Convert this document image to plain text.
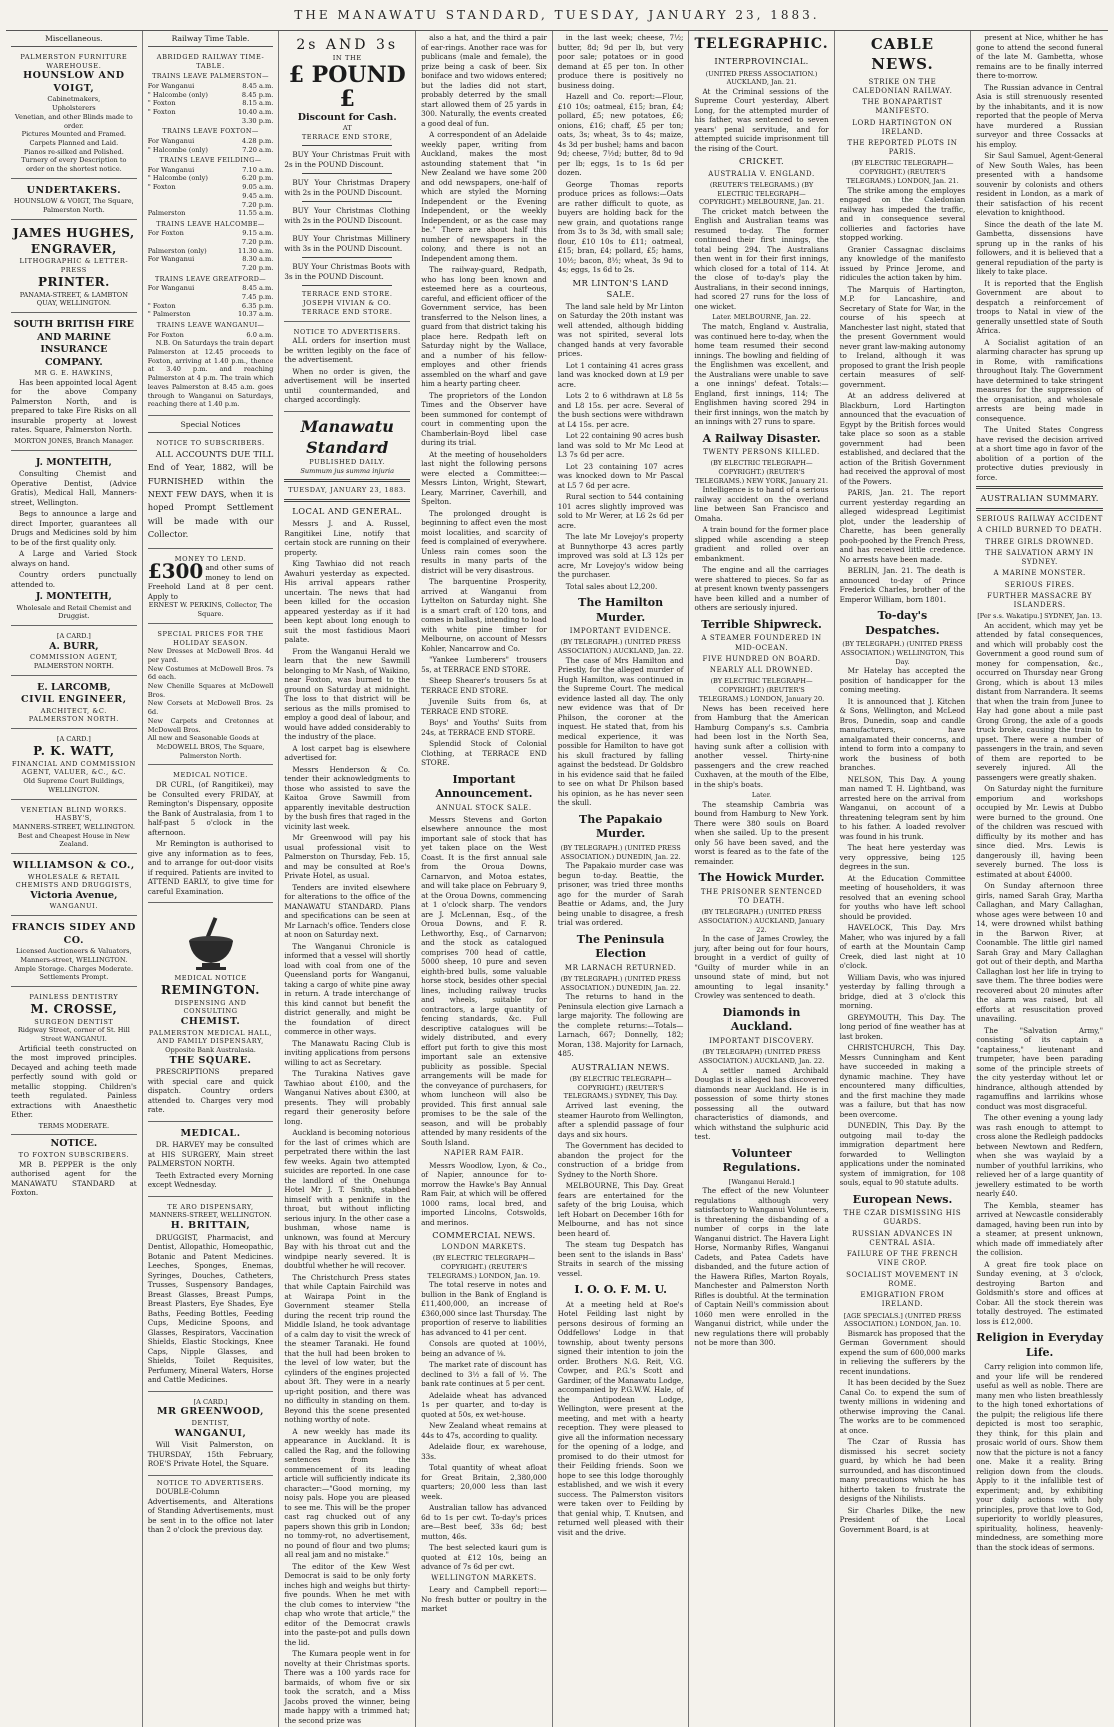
THE MANAWATU STANDARD, TUESDAY, JANUARY 23, 1883.
Miscellaneous.
PALMERSTON FURNITURE WAREHOUSE.
HOUNSLOW AND VOIGT,
Cabinetmakers,
Upholsterers
Venetian, and other Blinds made to order.
Pictures Mounted and Framed.
Carpets Planned and Laid.
Pianos re-silked and Polished.
Turnery of every Description to order on the shortest notice.
UNDERTAKERS.
HOUNSLOW & VOIGT, The Square, Palmerston North.
JAMES HUGHES,
ENGRAVER,
LITHOGRAPHIC & LETTER-PRESS
PRINTER.
PANAMA-STREET, & LAMBTON QUAY, WELLINGTON.
SOUTH BRITISH FIRE AND MARINE INSURANCE COMPANY.
MR G. E. HAWKINS,

Has been appointed local Agent for the above Company Palmerston North, and is prepared to take Fire Risks on all insurable property at lowest rates. Square, Palmerston North.

MORTON JONES, Branch Manager.
J. MONTEITH,

Consulting Chemist and Operative Dentist, (Advice Gratis), Medical Hall, Manners-street, Wellington.

Begs to announce a large and direct Importer, guarantees all Drugs and Medicines sold by him to be of the first quality only.

A Large and Varied Stock always on hand.

Country orders punctually attended to.

J. MONTEITH,
Wholesale and Retail Chemist and Druggist.
[A CARD.]
A. BURR,
COMMISSION AGENT,
PALMERSTON NORTH.
E. LARCOMB,
CIVIL ENGINEER,
ARCHITECT, &C.
PALMERSTON NORTH.
[A CARD.]
P. K. WATT,
FINANCIAL AND COMMISSION AGENT, VALUER, &C., &C.
Old Supreme Court Buildings, WELLINGTON.
VENETIAN BLIND WORKS.
HASBY'S,
MANNERS-STREET, WELLINGTON.
Best and Cheapest House in New Zealand.
WILLIAMSON & CO.,
WHOLESALE & RETAIL
CHEMISTS AND DRUGGISTS,
Victoria Avenue,
WANGANUI.
FRANCIS SIDEY AND CO.
Licensed Auctioneers & Valuators, Manners-street, WELLINGTON.
Ample Storage. Charges Moderate.
Settlements Prompt.
PAINLESS DENTISTRY
M. CROSSE,
SURGEON DENTIST
Ridgway Street, corner of St. Hill Street WANGANUI.

Artificial teeth constructed on the most improved principles. Decayed and aching teeth made perfectly sound with gold or metallic stopping. Children's teeth regulated. Painless extractions with Anaesthetic Ether.

TERMS MODERATE.
NOTICE.
TO FOXTON SUBSCRIBERS.

MR B. PEPPER is the only authorised agent for the MANAWATU STANDARD at Foxton.

Railway Time Table.
ABRIDGED RAILWAY TIME-TABLE.
TRAINS LEAVE PALMERSTON—
For Wanganui	8.45 a.m.
" Halcombe (only)	8.45 p.m.
" Foxton	8.15 a.m.
" Foxton	10.40 a.m.
3.30 p.m.
TRAINS LEAVE FOXTON—
For Wanganui	4.28 p.m.
" Halcombe (only)	7.20 a.m.
TRAINS LEAVE FEILDING—
For Wanganui	7.10 a.m.
" Halcombe (only)	6.20 p.m.
" Foxton	9.05 a.m.
9.45 a.m.
7.20 p.m.
Palmerston	11.55 a.m.
TRAINS LEAVE HALCOMBE—
For Foxton	9.15 a.m.
7.20 p.m.
Palmerston (only)	11.30 a.m.
For Wanganui	8.30 a.m.
7.20 p.m.
TRAINS LEAVE GREATFORD—
For Wanganui	8.45 a.m.
7.45 p.m.
" Foxton	6.35 p.m.
" Palmerston	10.37 a.m.
TRAINS LEAVE WANGANUI—
For Foxton	6.0 a.m.

N.B. On Saturdays the train depart Palmerston at 12.45 proceeds to Foxton, arriving at 1.40 p.m., thence at 3.40 p.m. and reaching Palmerston at 4 p.m. The train which leaves Palmerston at 8.45 a.m. goes through to Wanganui on Saturdays, reaching there at 1.40 p.m.

Special Notices
NOTICE TO SUBSCRIBERS.

ALL ACCOUNTS DUE TILL End of Year, 1882, will be FURNISHED within the NEXT FEW DAYS, when it is hoped Prompt Settlement will be made with our Collector.

MONEY TO LEND.
£300 and other sums of money to lend on Freehold Land at 8 per cent. Apply to
ERNEST W. PERKINS, Collector, The Square.
SPECIAL PRICES FOR THE HOLIDAY SEASON.
New Dresses at McDowell Bros. 4d per yard.
New Costumes at McDowell Bros. 7s 6d each.
New Chenille Squares at McDowell Bros.
New Corsets at McDowell Bros. 2s 6d.
New Carpets and Cretonnes at McDowell Bros.
All new and Seasonable Goods at
McDOWELL BROS, The Square, Palmerston North.
MEDICAL NOTICE.

DR CURL, (of Rangitikei), may be Consulted every FRIDAY, at Remington's Dispensary, opposite the Bank of Australasia, from 1 to half-past 5 o'clock in the afternoon.

Mr Remington is authorised to give any information as to fees, and to arrange for out-door visits if required. Patients are invited to ATTEND EARLY, to give time for careful Examination.

MEDICAL NOTICE
REMINGTON.
DISPENSING AND CONSULTING
CHEMIST.
PALMERSTON MEDICAL HALL, AND FAMILY DISPENSARY,
Opposite Bank Australasia.
THE SQUARE.

PRESCRIPTIONS prepared with special care and quick dispatch. Country orders attended to. Charges very mod rate.

MEDICAL.

DR. HARVEY may be consulted at HIS SURGERY, Main street PALMERSTON NORTH.

Teeth Extracted every Morning except Wednesday.

TE ARO DISPENSARY,
MANNERS-STREET, WELLINGTON.
H. BRITTAIN,

DRUGGIST, Pharmacist, and Dentist, Allopathic, Homeopathic, Botanic and Patent Medicines. Leeches, Sponges, Enemas, Syringes, Douches, Catheters, Trusses, Suspensory Bandages, Breast Glasses, Breast Pumps, Breast Plasters, Eye Shades, Eye Baths, Feeding Bottles, Feeding Cups, Medicine Spoons, and Glasses, Respirators, Vaccination Shields, Elastic Stockings, Knee Caps, Nipple Glasses, and Shields, Toilet Requisites, Perfumery, Mineral Waters, Horse and Cattle Medicines.

[A CARD.]
MR GREENWOOD,
DENTIST,
WANGANUI,

Will Visit Palmerston, on THURSDAY, 15th February, ROE'S Private Hotel, the Square.

NOTICE TO ADVERTISERS.

DOUBLE-Column Advertisements, and Alterations of Standing Advertisements, must be sent in to the office not later than 2 o'clock the previous day.

2s AND 3s
IN THE
£ POUND £
Discount for Cash.
AT
TERRACE END STORE,

BUY Your Christmas Fruit with 2s in the POUND Discount.

BUY Your Christmas Drapery with 2s in the POUND Discount.

BUY Your Christmas Clothing with 2s in the POUND Discount.

BUY Your Christmas Millinery with 3s in the POUND Discount.

BUY Your Christmas Boots with 3s in the POUND Discount.

TERRACE END STORE.
JOSEPH VIVIAN & CO.
TERRACE END STORE.
NOTICE TO ADVERTISERS.

ALL orders for insertion must be written legibly on the face of the advertisement.

When no order is given, the advertisement will be inserted until countermanded, and charged accordingly.

Manawatu Standard
PUBLISHED DAILY.
Summum jus summa injuria
TUESDAY, JANUARY 23, 1883.
LOCAL AND GENERAL.

Messrs J. and A. Russel, Rangitikei Line, notify that certain stock are running on their property.

King Tawhiao did not reach Awahuri yesterday as expected. His arrival appears rather uncertain. The news that had been killed for the occasion appeared yesterday as if it had been kept about long enough to suit the most fastidious Maori palate.

From the Wanganui Herald we learn that the new Sawmill belonging to Mr Nash, of Waikino, near Foxton, was burned to the ground on Saturday at midnight. The loss to that district will be serious as the mills promised to employ a good deal of labour, and would have added considerably to the industry of the place.

A lost carpet bag is elsewhere advertised for.

Messrs Henderson & Co. tender their acknowledgments to those who assisted to save the Kaitoa Grove Sawmill from apparently inevitable destruction by the bush fires that raged in the vicinity last week.

Mr Greenwood will pay his usual professional visit to Palmerston on Thursday, Feb. 15, and may be consulted at Roe's Private Hotel, as usual.

Tenders are invited elsewhere for alterations to the office of the MANAWATU STANDARD. Plans and specifications can be seen at Mr Larnach's office. Tenders close at noon on Saturday next.

The Wanganui Chronicle is informed that a vessel will shortly load with coal from one of the Queensland ports for Wanganui, taking a cargo of white pine away in return. A trade interchange of this kind cannot but benefit the district generally, and might be the foundation of direct commerce in other ways.

The Manawatu Racing Club is inviting applications from persons willing to act as Secretary.

The Turakina Natives gave Tawhiao about £100, and the Wanganui Natives about £300, at presents. They will probably regard their generosity before long.

Auckland is becoming notorious for the last of crimes which are perpetrated there within the last few weeks. Again two attempted suicides are reported. In one case the landlord of the Onehunga Hotel Mr J. T. Smith, stabbed himself with a penknife in the throat, but without inflicting serious injury. In the other case a bushman, whose name is unknown, was found at Mercury Bay with his throat cut and the windpipe nearly severed. It is doubtful whether he will recover.

The Christchurch Press states that while Captain Fairchild was at Wairapa Point in the Government steamer Stella during the recent trip round the Middle Island, he took advantage of a calm day to visit the wreck of the steamer Taranaki. He found that the hull had been broken to the level of low water, but the cylinders of the engines projected about 3ft. They were in a nearly up-right position, and there was no difficulty in standing on them. Beyond this the scene presented nothing worthy of note.

A new weekly has made its appearance in Auckland. It is called the Rag, and the following sentences from the commencement of its leading article will sufficiently indicate its character:—"Good morning, my noisy pals. Hope you are pleased to see me. This will be the proper cast rag chucked out of any papers shown this grib in London; no tommy-rot, no advertisement, no pound of flour and two plums; all real jam and no mistake."

The editor of the Kew West Democrat is said to be only forty inches high and weighs but thirty-five pounds. When he met with the club comes to interview "the chap who wrote that article," the editor of the Democrat crawls into the paste-pot and pulls down the lid.

The Kumara people went in for novelty at their Christmas sports. There was a 100 yards race for barmaids, of whom five or six took the scratch, and a Miss Jacobs proved the winner, being made happy with a trimmed hat; the second prize was

also a hat, and the third a pair of ear-rings. Another race was for publicans (male and female), the prize being a cask of beer. Six boniface and two widows entered; but the ladies did not start, probably deterred by the small start allowed them of 25 yards in 300. Naturally, the events created a good deal of fun.

A correspondent of an Adelaide weekly paper, writing from Auckland, makes the most astounding statement that "in New Zealand we have some 200 and odd newspapers, one-half of which are styled the Morning Independent or the Evening Independent, or the weekly Independent, or as the case may be." There are about half this number of newspapers in the colony, and there is not an Independent among them.

The railway-guard, Redpath, who has long been known and esteemed here as a courteous, careful, and efficient officer of the Government service, has been transferred to the Nelson lines, a guard from that district taking his place here. Redpath left on Saturday night by the Wallace, and a number of his fellow-employes and other friends assembled on the wharf and gave him a hearty parting cheer.

The proprietors of the London Times and the Observer have been summoned for contempt of court in commenting upon the Chamberlain-Boyd libel case during its trial.

At the meeting of householders last night the following persons were elected a Committee:—Messrs Linton, Wright, Stewart, Leary, Marriner, Caverhill, and Spelton.

The prolonged drought is beginning to affect even the most moist localities, and scarcity of feed is complained of everywhere. Unless rain comes soon the results in many parts of the district will be very disastrous.

The barquentine Prosperity, arrived at Wanganui from Lyttelton on Saturday night. She is a smart craft of 120 tons, and comes in ballast, intending to load with white pine timber for Melbourne, on account of Messrs Kohler, Nancarrow and Co.

"Yankee Lumberers" trousers 5s, at TERRACE END STORE.

Sheep Shearer's trousers 5s at TERRACE END STORE.

Juvenile Suits from 6s, at TERRACE END STORE.

Boys' and Youths' Suits from 24s, at TERRACE END STORE.

Splendid Stock of Colonial Clothing, at TERRACE END STORE.

Important Announcement.
ANNUAL STOCK SALE.

Messrs Stevens and Gorton elsewhere announce the most important sale of stock that has yet taken place on the West Coast. It is the first annual sale from the Oroua Downs, Carnarvon, and Motoa estates, and will take place on February 9, at the Oroua Downs, commencing at 1 o'clock sharp. The vendors are J. McLennan, Esq., of the Oroua Downs, and F. R. Lethworthy, Esq., of Carnarvon; and the stock as catalogued comprises 700 head of cattle, 5000 sheep, 10 pure and seven eighth-bred bulls, some valuable horse stock, besides other special lines, including railway trucks and wheels, suitable for contractors, a large quantity of fencing standards, &c. Full descriptive catalogues will be widely distributed, and every effort put forth to give this most important sale an extensive publicity as possible. Special arrangements will be made for the conveyance of purchasers, for whom luncheon will also be provided. This first annual sale promises to be the sale of the season, and will be probably attended by many residents of the South Island.

NAPIER RAM FAIR.

Messrs Woodlow, Lyon, & Co., of Napier, announce for to-morrow the Hawke's Bay Annual Ram Fair, at which will be offered 1000 rams, local bred, and imported Lincolns, Cotswolds, and merinos.

COMMERCIAL NEWS.
LONDON MARKETS.
(BY ELECTRIC TELEGRAPH—COPYRIGHT.) (REUTER'S TELEGRAMS.) LONDON, Jan. 19.

The total reserve in notes and bullion in the Bank of England is £11,400,000, an increase of £360,000 since last Thursday. The proportion of reserve to liabilities has advanced to 41 per cent.

Consols are quoted at 100½, being an advance of ⅛.

The market rate of discount has declined to 3½ a fall of ½. The bank rate continues at 5 per cent.

Adelaide wheat has advanced 1s per quarter, and to-day is quoted at 50s, ex wet-house.

New Zealand wheat remains at 44s to 47s, according to quality.

Adelaide flour, ex warehouse, 33s.

Total quantity of wheat afloat for Great Britain, 2,380,000 quarters; 20,000 less than last week.

Australian tallow has advanced 6d to 1s per cwt. To-day's prices are—Best beef, 33s 6d; best mutton, 46s.

The best selected kauri gum is quoted at £12 10s, being an advance of 7s 6d per cwt.

WELLINGTON MARKETS.

Leary and Campbell report:—No fresh butter or poultry in the market

in the last week; cheese, 7½; butter, 8d; 9d per lb, but very poor sale; potatoes or in good demand at £5 per ton. In other produce there is positively no business doing.

Hazell and Co. report:—Flour, £10 10s; oatmeal, £15; bran, £4; pollard, £5; new potatoes, £6; onions, £16; chaff, £5 per ton; oats, 3s; wheat, 3s to 4s; maize, 4s 3d per bushel; hams and bacon 9d; cheese, 7½d; butter, 8d to 9d per lb; eggs, 1s to 1s 6d per dozen.

George Thomas reports produce prices as follows:—Oats are rather difficult to quote, as buyers are holding back for the new grain, and quotations range from 3s to 3s 3d, with small sale; flour, £10 10s to £11; oatmeal, £15; bran, £4; pollard, £5; hams, 10½; bacon, 8½; wheat, 3s 9d to 4s; eggs, 1s 6d to 2s.

MR LINTON'S LAND SALE.

The land sale held by Mr Linton on Saturday the 20th instant was well attended, although bidding was not spirited, several lots changed hands at very favorable prices.

Lot 1 containing 41 acres grass land was knocked down at L9 per acre.

Lots 2 to 6 withdrawn at L8 5s and L8 15s. per acre. Several of the bush sections were withdrawn at L4 15s. per acre.

Lot 22 containing 90 acres bush land was sold to Mr Mc Leod at L3 7s 6d per acre.

Lot 23 containing 107 acres was knocked down to Mr Pascal at L5 7 6d per acre.

Rural section to 544 containing 101 acres slightly improved was sold to Mr Werer, at L6 2s 6d per acre.

The late Mr Lovejoy's property at Bunnythorpe 43 acres partly improved was sold at L3 12s per acre, Mr Lovejoy's widow being the purchaser.

Total sales about L2,200.

The Hamilton Murder.
IMPORTANT EVIDENCE.
(BY TELEGRAPH.) (UNITED PRESS ASSOCIATION.) AUCKLAND, Jan. 22.

The case of Mrs Hamilton and Priestly, for the alleged murder of Hugh Hamilton, was continued in the Supreme Court. The medical evidence lasted all day. The only new evidence was that of Dr Philson, the coroner at the inquest. He stated that, from his medical experience, it was possible for Hamilton to have got his skull fractured by falling against the bedstead. Dr Goldsbro in his evidence said that he failed to see on what Dr Philson based his opinion, as he has never seen the skull.

The Papakaio Murder.
(BY TELEGRAPH.) (UNITED PRESS ASSOCIATION.) DUNEDIN, Jan. 22.

The Papakaio murder case was begun to-day. Beattie, the prisoner, was tried three months ago for the murder of Sarah Beattie or Adams, and, the Jury being unable to disagree, a fresh trial was ordered.

The Peninsula Election
MR LARNACH RETURNED.
(BY TELEGRAPH.) (UNITED PRESS ASSOCIATION.) DUNEDIN, Jan. 22.

The returns to hand in the Peninsula election give Larnach a large majority. The following are the complete returns:—Totals—Larnach, 667; Donnelly, 182; Moran, 138. Majority for Larnach, 485.

AUSTRALIAN NEWS.
(BY ELECTRIC TELEGRAPH—COPYRIGHT.) (REUTER'S TELEGRAMS.) SYDNEY, This Day.

Arrived last evening, the steamer Hauroto from Wellington, after a splendid passage of four days and six hours.

The Government has decided to abandon the project for the construction of a bridge from Sydney to the North Shore.

MELBOURNE, This Day. Great fears are entertained for the safety of the brig Louisa, which left Hobart on December 16th for Melbourne, and has not since been heard of.

The steam tug Despatch has been sent to the islands in Bass' Straits in search of the missing vessel.

I. O. O. F. M. U.

At a meeting held at Roe's Hotel Feilding last night by persons desirous of forming an Oddfellows' Lodge in that township, about twenty persons signed their intention to join the order. Brothers N.G. Reit, V.G. Cowper, and P.G.'s Scott and Gardiner, of the Manawatu Lodge, accompanied by P.G.W.W. Hale, of the Antipodean Lodge, Wellington, were present at the meeting, and met with a hearty reception. They were pleased to give all the information necessary for the opening of a lodge, and promised to do their utmost for their Feilding friends. Soon we hope to see this lodge thoroughly established, and we wish it every success. The Palmerston visitors were taken over to Feilding by that genial whip, T. Knutsen, and returned well pleased with their visit and the drive.

TELEGRAPHIC.
INTERPROVINCIAL.
(UNITED PRESS ASSOCIATION.) AUCKLAND, Jan. 21.

At the Criminal sessions of the Supreme Court yesterday, Albert Long, for the attempted murder of his father, was sentenced to seven years' penal servitude, and for attempted suicide imprisonment till the rising of the Court.

CRICKET.
AUSTRALIA V. ENGLAND.
(REUTER'S TELEGRAMS.) (BY ELECTRIC TELEGRAPH—COPYRIGHT.) MELBOURNE, Jan. 21.

The cricket match between the English and Australian teams was resumed to-day. The former continued their first innings, the total being 294. The Australians then went in for their first innings, which closed for a total of 114. At the close of to-day's play the Australians, in their second innings, had scored 27 runs for the loss of one wicket.

Later. MELBOURNE, Jan. 22.

The match, England v. Australia, was continued here to-day, when the home team resumed their second innings. The bowling and fielding of the Englishmen was excellent, and the Australians were unable to save a one innings' defeat. Totals:—England, first innings, 114; The Englishmen having scored 294 in their first innings, won the match by an innings with 27 runs to spare.

A Railway Disaster.
TWENTY PERSONS KILLED.
(BY ELECTRIC TELEGRAPH—COPYRIGHT.) (REUTER'S TELEGRAMS.) NEW YORK, January 21.

Intelligence is to hand of a serious railway accident on the overland line between San Francisco and Omaha.

A train bound for the former place slipped while ascending a steep gradient and rolled over an embankment.

The engine and all the carriages were shattered to pieces. So far as at present known twenty passengers have been killed and a number of others are seriously injured.

Terrible Shipwreck.
A STEAMER FOUNDERED IN MID-OCEAN.
FIVE HUNDRED ON BOARD.
NEARLY ALL DROWNED.
(BY ELECTRIC TELEGRAPH—COPYRIGHT.) (REUTER'S TELEGRAMS.) LONDON, January 20.

News has been received here from Hamburg that the American Hamburg Company's s.s. Cambria had been lost in the North Sea, having sunk after a collision with another vessel. Thirty-nine passengers and the crew reached Cuxhaven, at the mouth of the Elbe, in the ship's boats.

Later.

The steamship Cambria was bound from Hamburg to New York. There were 380 souls on Board when she sailed. Up to the present only 56 have been saved, and the worst is feared as to the fate of the remainder.

The Howick Murder.
THE PRISONER SENTENCED TO DEATH.
(BY TELEGRAPH.) (UNITED PRESS ASSOCIATION.) AUCKLAND, January 22.

In the case of James Crowley, the jury, after being out for four hours, brought in a verdict of guilty of "Guilty of murder while in an unsound state of mind, but not amounting to legal insanity." Crowley was sentenced to death.

Diamonds in Auckland.
IMPORTANT DISCOVERY.
(BY TELEGRAPH) (UNITED PRESS ASSOCIATION.) AUCKLAND, Jan. 22.

A settler named Archibald Douglas it is alleged has discovered diamonds near Auckland. He is in possession of some thirty stones possessing all the outward characteristics of diamonds, and which withstand the sulphuric acid test.

Volunteer Regulations.
[Wanganui Herald.]

The effect of the new Volunteer regulations although very satisfactory to Wanganui Volunteers, is threatening the disbanding of a number of corps in the late Wanganui district. The Havera Light Horse, Normanby Rifles, Wanganui Cadets, and Patea Cadets have disbanded, and the future action of the Hawera Rifles, Marton Royals, Manchester and Palmerston North Rifles is doubtful. At the termination of Captain Neill's commission about 1060 men were enrolled in the Wanganui district, while under the new regulations there will probably not be more than 300.

CABLE NEWS.
STRIKE ON THE CALEDONIAN RAILWAY.
THE BONAPARTIST MANIFESTO.
LORD HARTINGTON ON IRELAND.
THE REPORTED PLOTS IN PARIS.
(BY ELECTRIC TELEGRAPH—COPYRIGHT.) (REUTER'S TELEGRAMS.) LONDON, Jan. 21.

The strike among the employes engaged on the Caledonian railway has impeded the traffic, and in consequence several collieries and factories have stopped working.

Granier Cassagnac disclaims any knowledge of the manifesto issued by Prince Jerome, and ridicules the action taken by him.

The Marquis of Hartington, M.P. for Lancashire, and Secretary of State for War, in the course of his speech at Manchester last night, stated that the present Government would never grant law-making autonomy to Ireland, although it was proposed to grant the Irish people certain measures of self-government.

At an address delivered at Blackburn, Lord Hartington announced that the evacuation of Egypt by the British forces would take place so soon as a stable government had been established, and declared that the action of the British Government had received the approval of most of the Powers.

PARIS, Jan. 21. The report current yesterday regarding an alleged widespread Legitimist plot, under the leadership of Charette, has been generally pooh-poohed by the French Press, and has received little credence. No arrests have been made.

BERLIN, Jan. 21. The death is announced to-day of Prince Frederick Charles, brother of the Emperor William, born 1801.

To-day's Despatches.
(BY TELEGRAPH.) (UNITED PRESS ASSOCIATION.) WELLINGTON, This Day.

Mr Hatelay has accepted the position of handicapper for the coming meeting.

It is announced that J. Kitchen & Sons, Wellington, and McLeod Bros, Dunedin, soap and candle manufacturers, have amalgamated their concerns, and intend to form into a company to work the business of both branches.

NELSON, This Day. A young man named T. H. Lightband, was arrested here on the arrival from Wanganui, on account of a threatening telegram sent by him to his father. A loaded revolver was found in his trunk.

The heat here yesterday was very oppressive, being 125 degrees in the sun.

At the Education Committee meeting of householders, it was resolved that an evening school for youths who have left school should be provided.

HAVELOCK, This Day. Mrs Maher, who was injured by a fall of earth at the Mountain Camp Creek, died last night at 10 o'clock.

William Davis, who was injured yesterday by falling through a bridge, died at 3 o'clock this morning.

GREYMOUTH, This Day. The long period of fine weather has at last broken.

CHRISTCHURCH, This Day. Messrs Cunningham and Kent have succeeded in making a dynamic machine. They have encountered many difficulties, and the first machine they made was a failure, but that has now been overcome.

DUNEDIN, This Day. By the outgoing mail to-day the immigration department here forwarded to Wellington applications under the nominated system of immigration, for 108 souls, equal to 90 statute adults.

European News.
THE CZAR DISMISSING HIS GUARDS.
RUSSIAN ADVANCES IN CENTRAL ASIA.
FAILURE OF THE FRENCH VINE CROP.
SOCIALIST MOVEMENT IN ROME.
EMIGRATION FROM IRELAND.
[AGE SPECIALS.] (UNITED PRESS ASSOCIATION.) LONDON, Jan. 10.

Bismarck has proposed that the German Government should expend the sum of 600,000 marks in relieving the sufferers by the recent inundations.

It has been decided by the Suez Canal Co. to expend the sum of twenty millions in widening and otherwise improving the Canal. The works are to be commenced at once.

The Czar of Russia has dismissed his secret society guard, by which he had been surrounded, and has discontinued many precautions which he has hitherto taken to frustrate the designs of the Nihilists.

Sir Charles Dilke, the new President of the Local Government Board, is at

present at Nice, whither he has gone to attend the second funeral of the late M. Gambetta, whose remains are to be finally interred there to-morrow.

The Russian advance in Central Asia is still strenuously resented by the inhabitants, and it is now reported that the people of Merva have murdered a Russian surveyor and three Cossacks at his employ.

Sir Saul Samuel, Agent-General of New South Wales, has been presented with a handsome souvenir by colonists and others resident in London, as a mark of their satisfaction of his recent elevation to knighthood.

Since the death of the late M. Gambetta, dissensions have sprung up in the ranks of his followers, and it is believed that a general repudiation of the party is likely to take place.

It is reported that the English Government are about to despatch a reinforcement of troops to Natal in view of the generally unsettled state of South Africa.

A Socialist agitation of an alarming character has sprung up in Rome, with ramifications throughout Italy. The Government have determined to take stringent measures for the suppression of the organisation, and wholesale arrests are being made in consequence.

The United States Congress have revised the decision arrived at a short time ago in favor of the abolition of a portion of the protective duties previously in force.

AUSTRALIAN SUMMARY.
SERIOUS RAILWAY ACCIDENT
A CHILD BURNED TO DEATH.
THREE GIRLS DROWNED.
THE SALVATION ARMY IN SYDNEY.
A MARINE MONSTER.
SERIOUS FIRES.
FURTHER MASSACRE BY ISLANDERS.
[Per s.s. Wakatipu.] SYDNEY, Jan. 13.

An accident, which may yet be attended by fatal consequences, and which will probably cost the Government a good round sum of money for compensation, &c., occurred on Thursday near Grong Grong, which is about 13 miles distant from Narrandera. It seems that when the train from Junee to Hay had gone about a mile past Grong Grong, the axle of a goods truck broke, causing the train to upset. There were a number of passengers in the train, and seven of them are reported to be severely injured. All the passengers were greatly shaken.

On Saturday night the furniture emporium and workshops occupied by Mr. Lewis at Dubbo were burned to the ground. One of the children was rescued with difficulty by its mother and has since died. Mrs. Lewis is dangerously ill, having been severely burned. The loss is estimated at about £4000.

On Sunday afternoon three girls, named Sarah Gray, Martha Callaghan, and Mary Callaghan, whose ages were between 10 and 14, were drowned whilst bathing in the Barwon River, at Coonamble. The little girl named Sarah Gray and Mary Callaghan got out of their depth, and Martha Callaghan lost her life in trying to save them. The three bodies were recovered about 20 minutes after the alarm was raised, but all efforts at resuscitation proved unavailing.

The "Salvation Army," consisting of its captain a "captainess," lieutenant and trumpeter, have been parading some of the principle streets of the city yesterday without let or hindrance, although attended by ragamuffins and larrikins whose conduct was most disgraceful.

The other evening a young lady was rash enough to attempt to cross alone the Redleigh paddocks between Newtown and Redfern, when she was waylaid by a number of youthful larrikins, who relieved her of a large quantity of jewellery estimated to be worth nearly £40.

The Kembla, steamer has arrived at Newcastle considerably damaged, having been run into by a steamer, at present unknown, which made off immediately after the collision.

A great fire took place on Sunday evening, at 3 o'clock, destroying Barton and Goldsmith's store and offices at Cobar. All the stock therein was totally destroyed. The estimated loss is £12,000.

Religion in Everyday Life.

Carry religion into common life, and your life will be rendered useful as well as noble. There are many men who listen breathlessly to the high toned exhortations of the pulpit; the religious life there depicted is most too seraphic, they think, for this plain and prosaic world of ours. Show them now that the picture is not a fancy one. Make it a reality. Bring religion down from the clouds. Apply to it the infallible test of experiment; and, by exhibiting your daily actions with holy principles, prove that love to God, superiority to worldly pleasures, spirituality, holiness, heavenly-mindedness, are something more than the stock ideas of sermons.
